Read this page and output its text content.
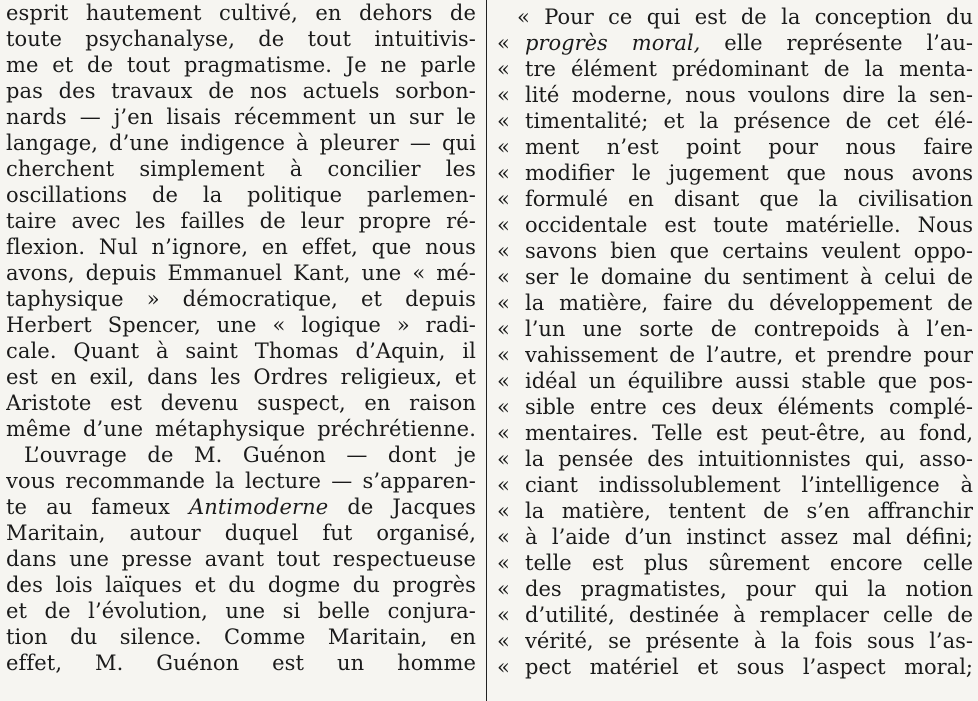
esprit hautement cultivé, en dehors de
toute psychanalyse, de tout intuitivis-
me et de tout pragmatisme. Je ne parle
pas des travaux de nos actuels sorbon-
nards — j’en lisais récemment un sur le
langage, d’une indigence à pleurer — qui
cherchent simplement à concilier les
oscillations de la politique parlemen-
taire avec les failles de leur propre ré-
flexion. Nul n’ignore, en effet, que nous
avons, depuis Emmanuel Kant, une « mé-
taphysique » démocratique, et depuis
Herbert Spencer, une « logique » radi-
cale. Quant à saint Thomas d’Aquin, il
est en exil, dans les Ordres religieux, et
Aristote est devenu suspect, en raison
même d’une métaphysique préchrétienne.
L’ouvrage de M. Guénon — dont je
vous recommande la lecture — s’apparen-
te au fameux Antimoderne de Jacques
Maritain, autour duquel fut organisé,
dans une presse avant tout respectueuse
des lois laïques et du dogme du progrès
et de l’évolution, une si belle conjura-
tion du silence. Comme Maritain, en
effet, M. Guénon est un homme
« Pour ce qui est de la conception du
« progrès moral, elle représente l’au-
« tre élément prédominant de la menta-
« lité moderne, nous voulons dire la sen-
« timentalité; et la présence de cet élé-
« ment n’est point pour nous faire
« modifier le jugement que nous avons
« formulé en disant que la civilisation
« occidentale est toute matérielle. Nous
« savons bien que certains veulent oppo-
« ser le domaine du sentiment à celui de
« la matière, faire du développement de
« l’un une sorte de contrepoids à l’en-
« vahissement de l’autre, et prendre pour
« idéal un équilibre aussi stable que pos-
« sible entre ces deux éléments complé-
« mentaires. Telle est peut-être, au fond,
« la pensée des intuitionnistes qui, asso-
« ciant indissolublement l’intelligence à
« la matière, tentent de s’en affranchir
« à l’aide d’un instinct assez mal défini;
« telle est plus sûrement encore celle
« des pragmatistes, pour qui la notion
« d’utilité, destinée à remplacer celle de
« vérité, se présente à la fois sous l’as-
« pect matériel et sous l’aspect moral;
